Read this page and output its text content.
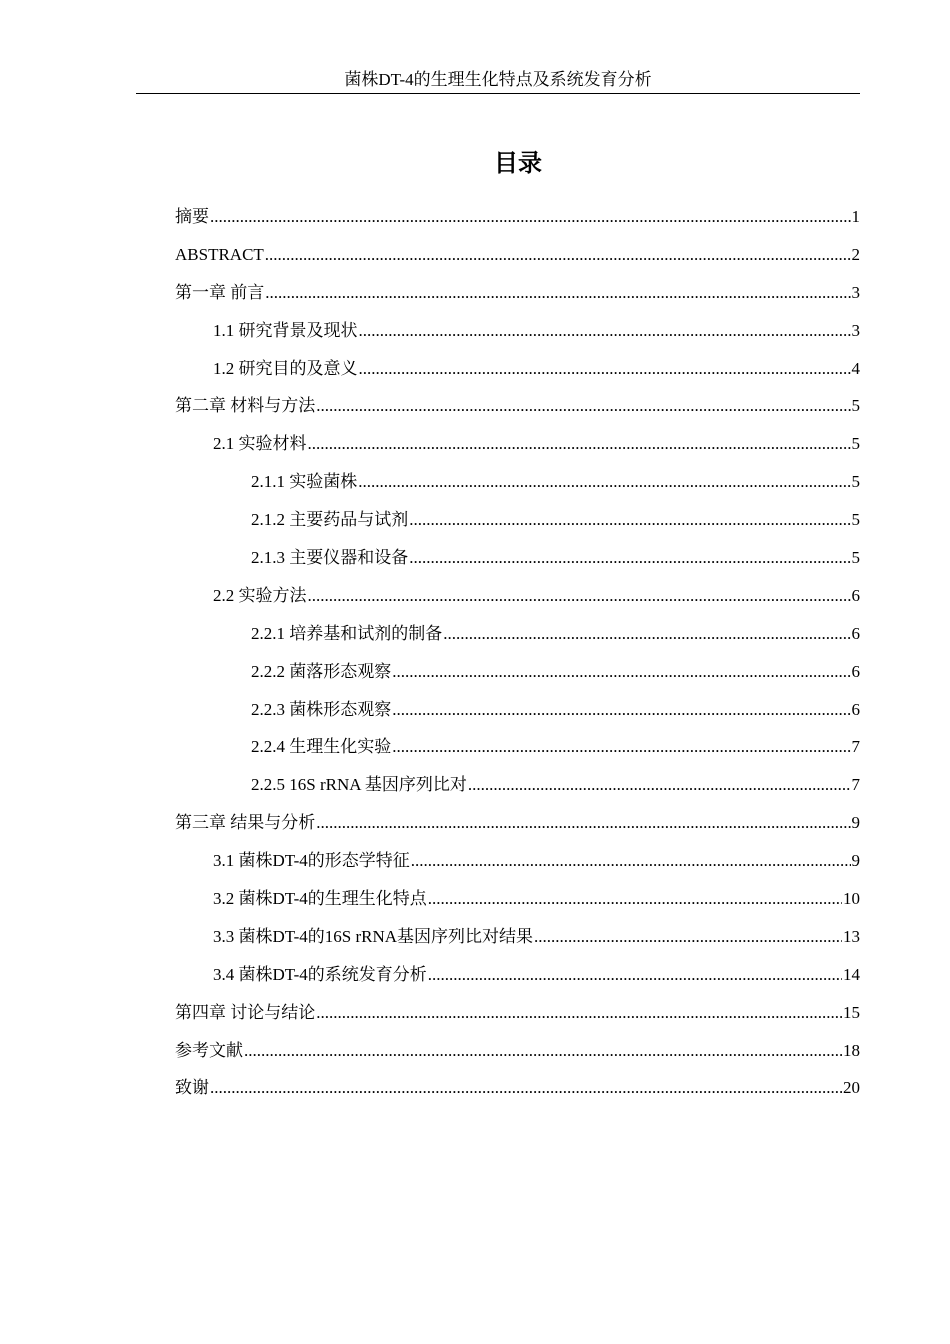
菌株DT-4的生理生化特点及系统发育分析
目录
摘要 .....	1
ABSTRACT .....	2
第一章 前言 .....	3
1.1 研究背景及现状 .....	3
1.2 研究目的及意义 .....	4
第二章 材料与方法 .....	5
2.1 实验材料 .....	5
2.1.1 实验菌株 .....	5
2.1.2 主要药品与试剂 .....	5
2.1.3 主要仪器和设备 .....	5
2.2 实验方法 .....	6
2.2.1 培养基和试剂的制备 .....	6
2.2.2 菌落形态观察 .....	6
2.2.3 菌株形态观察 .....	6
2.2.4 生理生化实验 .....	7
2.2.5 16S rRNA 基因序列比对 .....	7
第三章 结果与分析 .....	9
3.1 菌株DT-4的形态学特征 .....	9
3.2 菌株DT-4的生理生化特点 .....	10
3.3 菌株DT-4的16S rRNA基因序列比对结果 .....	13
3.4 菌株DT-4的系统发育分析 .....	14
第四章 讨论与结论 .....	15
参考文献 .....	18
致谢 .....	20
